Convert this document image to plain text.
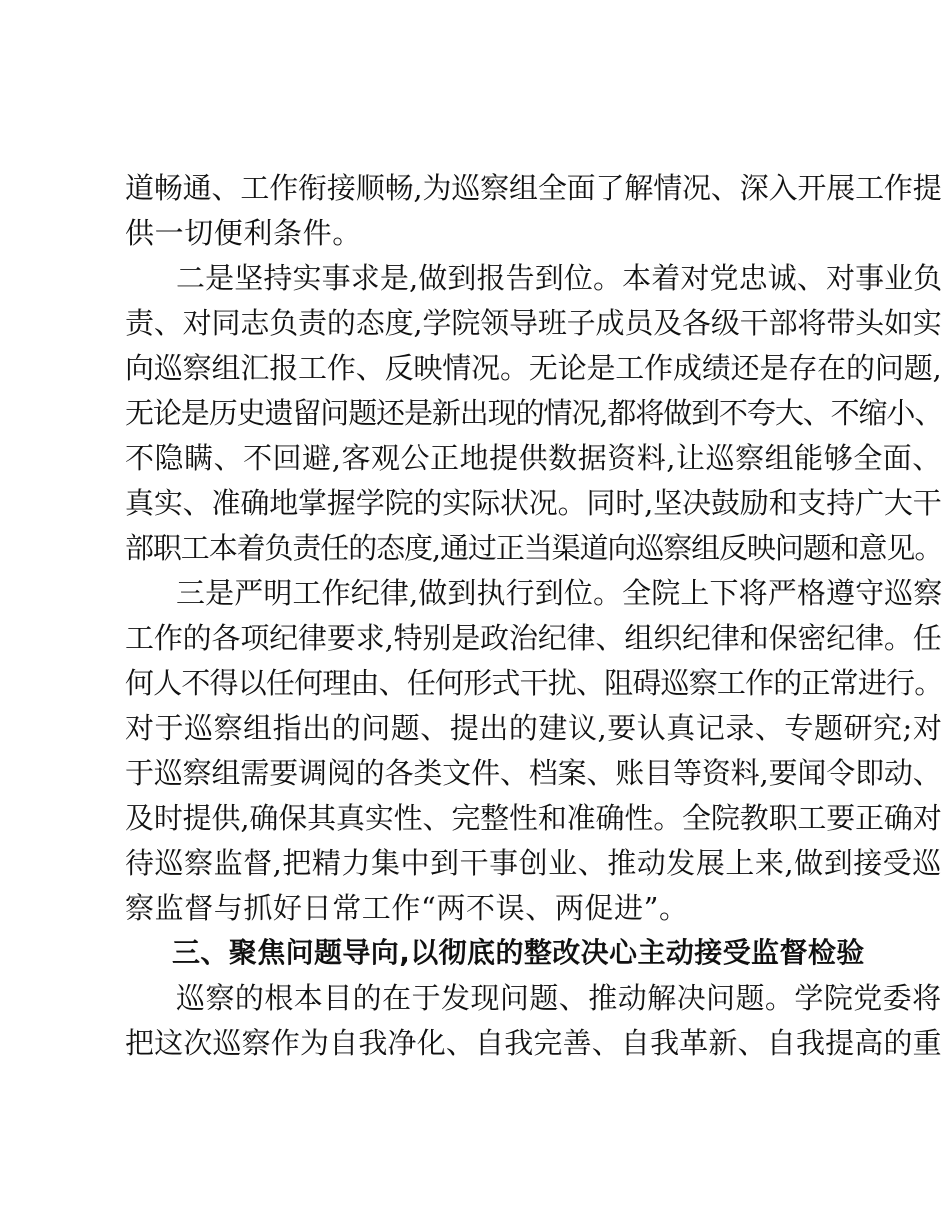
道畅通、工作衔接顺畅,为巡察组全面了解情况、深入开展工作提
供一切便利条件。
二是坚持实事求是,做到报告到位。本着对党忠诚、对事业负
责、对同志负责的态度,学院领导班子成员及各级干部将带头如实
向巡察组汇报工作、反映情况。无论是工作成绩还是存在的问题,
无论是历史遗留问题还是新出现的情况,都将做到不夸大、不缩小、
不隐瞒、不回避,客观公正地提供数据资料,让巡察组能够全面、
真实、准确地掌握学院的实际状况。同时,坚决鼓励和支持广大干
部职工本着负责任的态度,通过正当渠道向巡察组反映问题和意见。
三是严明工作纪律,做到执行到位。全院上下将严格遵守巡察
工作的各项纪律要求,特别是政治纪律、组织纪律和保密纪律。任
何人不得以任何理由、任何形式干扰、阻碍巡察工作的正常进行。
对于巡察组指出的问题、提出的建议,要认真记录、专题研究;对
于巡察组需要调阅的各类文件、档案、账目等资料,要闻令即动、
及时提供,确保其真实性、完整性和准确性。全院教职工要正确对
待巡察监督,把精力集中到干事创业、推动发展上来,做到接受巡
察监督与抓好日常工作“两不误、两促进”。
三、聚焦问题导向,以彻底的整改决心主动接受监督检验
巡察的根本目的在于发现问题、推动解决问题。学院党委将
把这次巡察作为自我净化、自我完善、自我革新、自我提高的重
